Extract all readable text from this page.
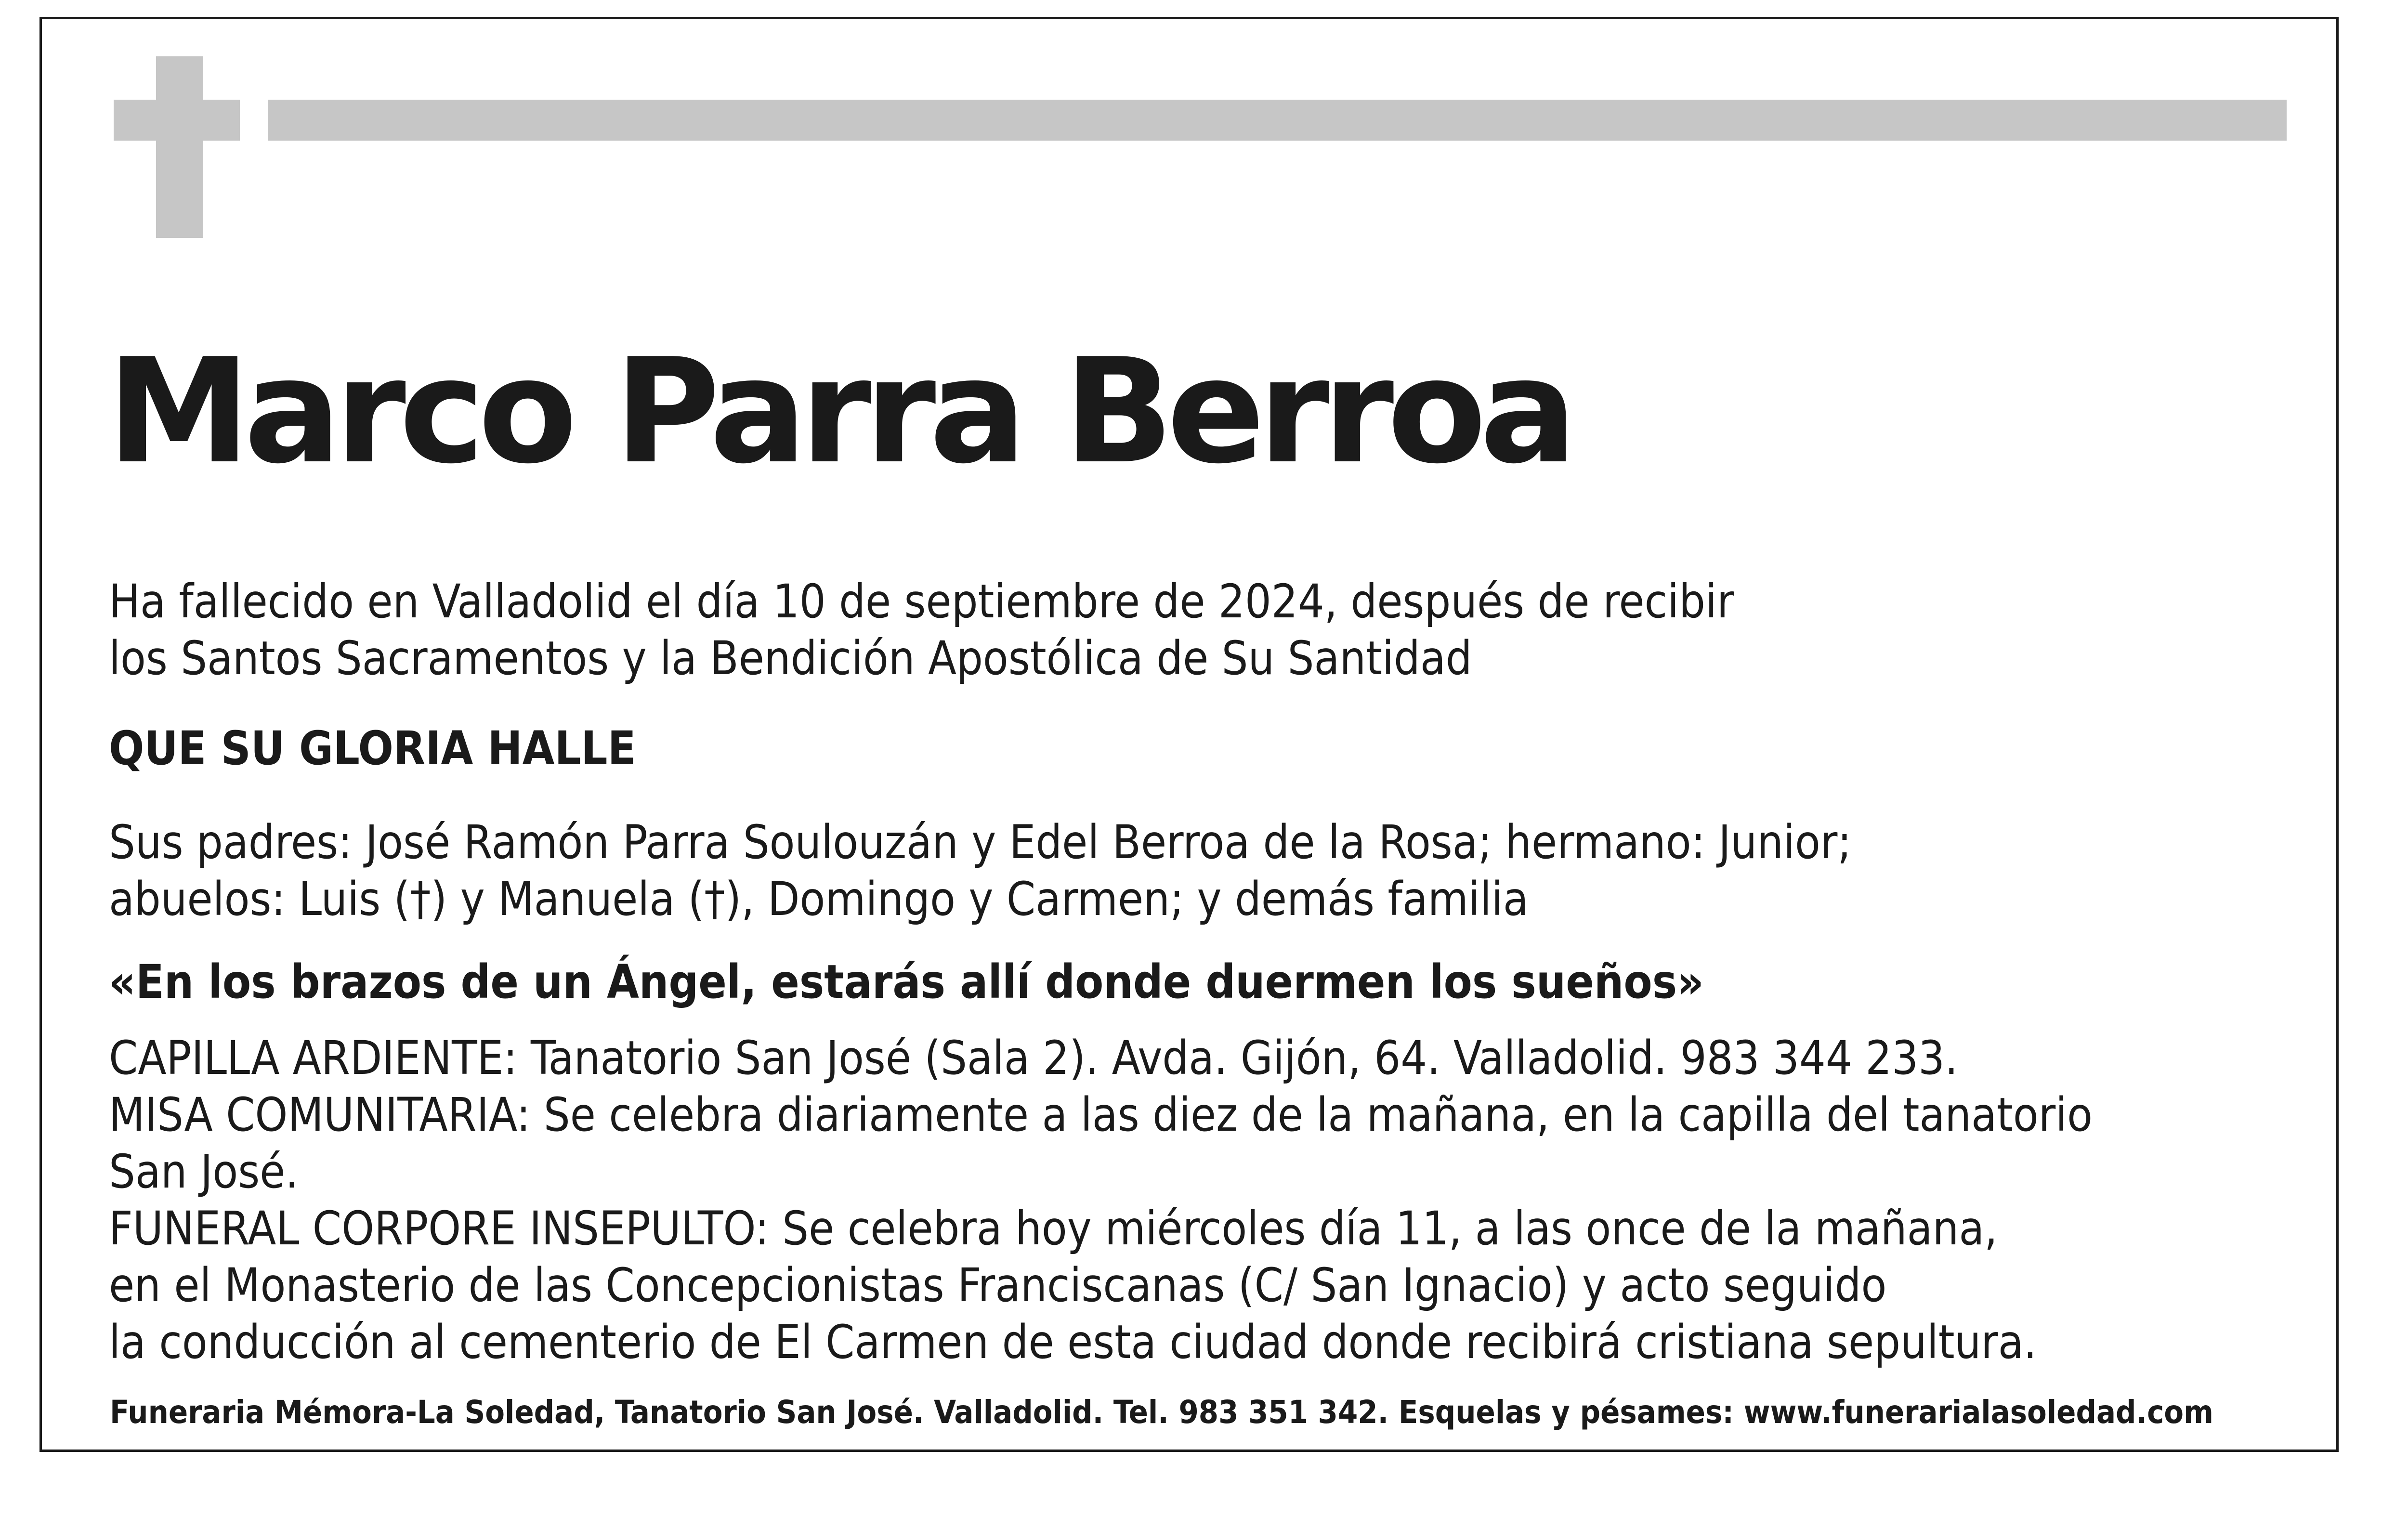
Marco Parra Berroa

Ha fallecido en Valladolid el día 10 de septiembre de 2024, después de recibir
los Santos Sacramentos y la Bendición Apostólica de Su Santidad

QUE SU GLORIA HALLE

Sus padres: José Ramón Parra Soulouzán y Edel Berroa de la Rosa; hermano: Junior;
abuelos: Luis (†) y Manuela (†), Domingo y Carmen; y demás familia

«En los brazos de un Ángel, estarás allí donde duermen los sueños»

CAPILLA ARDIENTE: Tanatorio San José (Sala 2). Avda. Gijón, 64. Valladolid. 983 344 233.
MISA COMUNITARIA: Se celebra diariamente a las diez de la mañana, en la capilla del tanatorio
San José.
FUNERAL CORPORE INSEPULTO: Se celebra hoy miércoles día 11, a las once de la mañana,
en el Monasterio de las Concepcionistas Franciscanas (C/ San Ignacio) y acto seguido
la conducción al cementerio de El Carmen de esta ciudad donde recibirá cristiana sepultura.

Funeraria Mémora-La Soledad, Tanatorio San José. Valladolid. Tel. 983 351 342. Esquelas y pésames: www.funerarialasoledad.com
